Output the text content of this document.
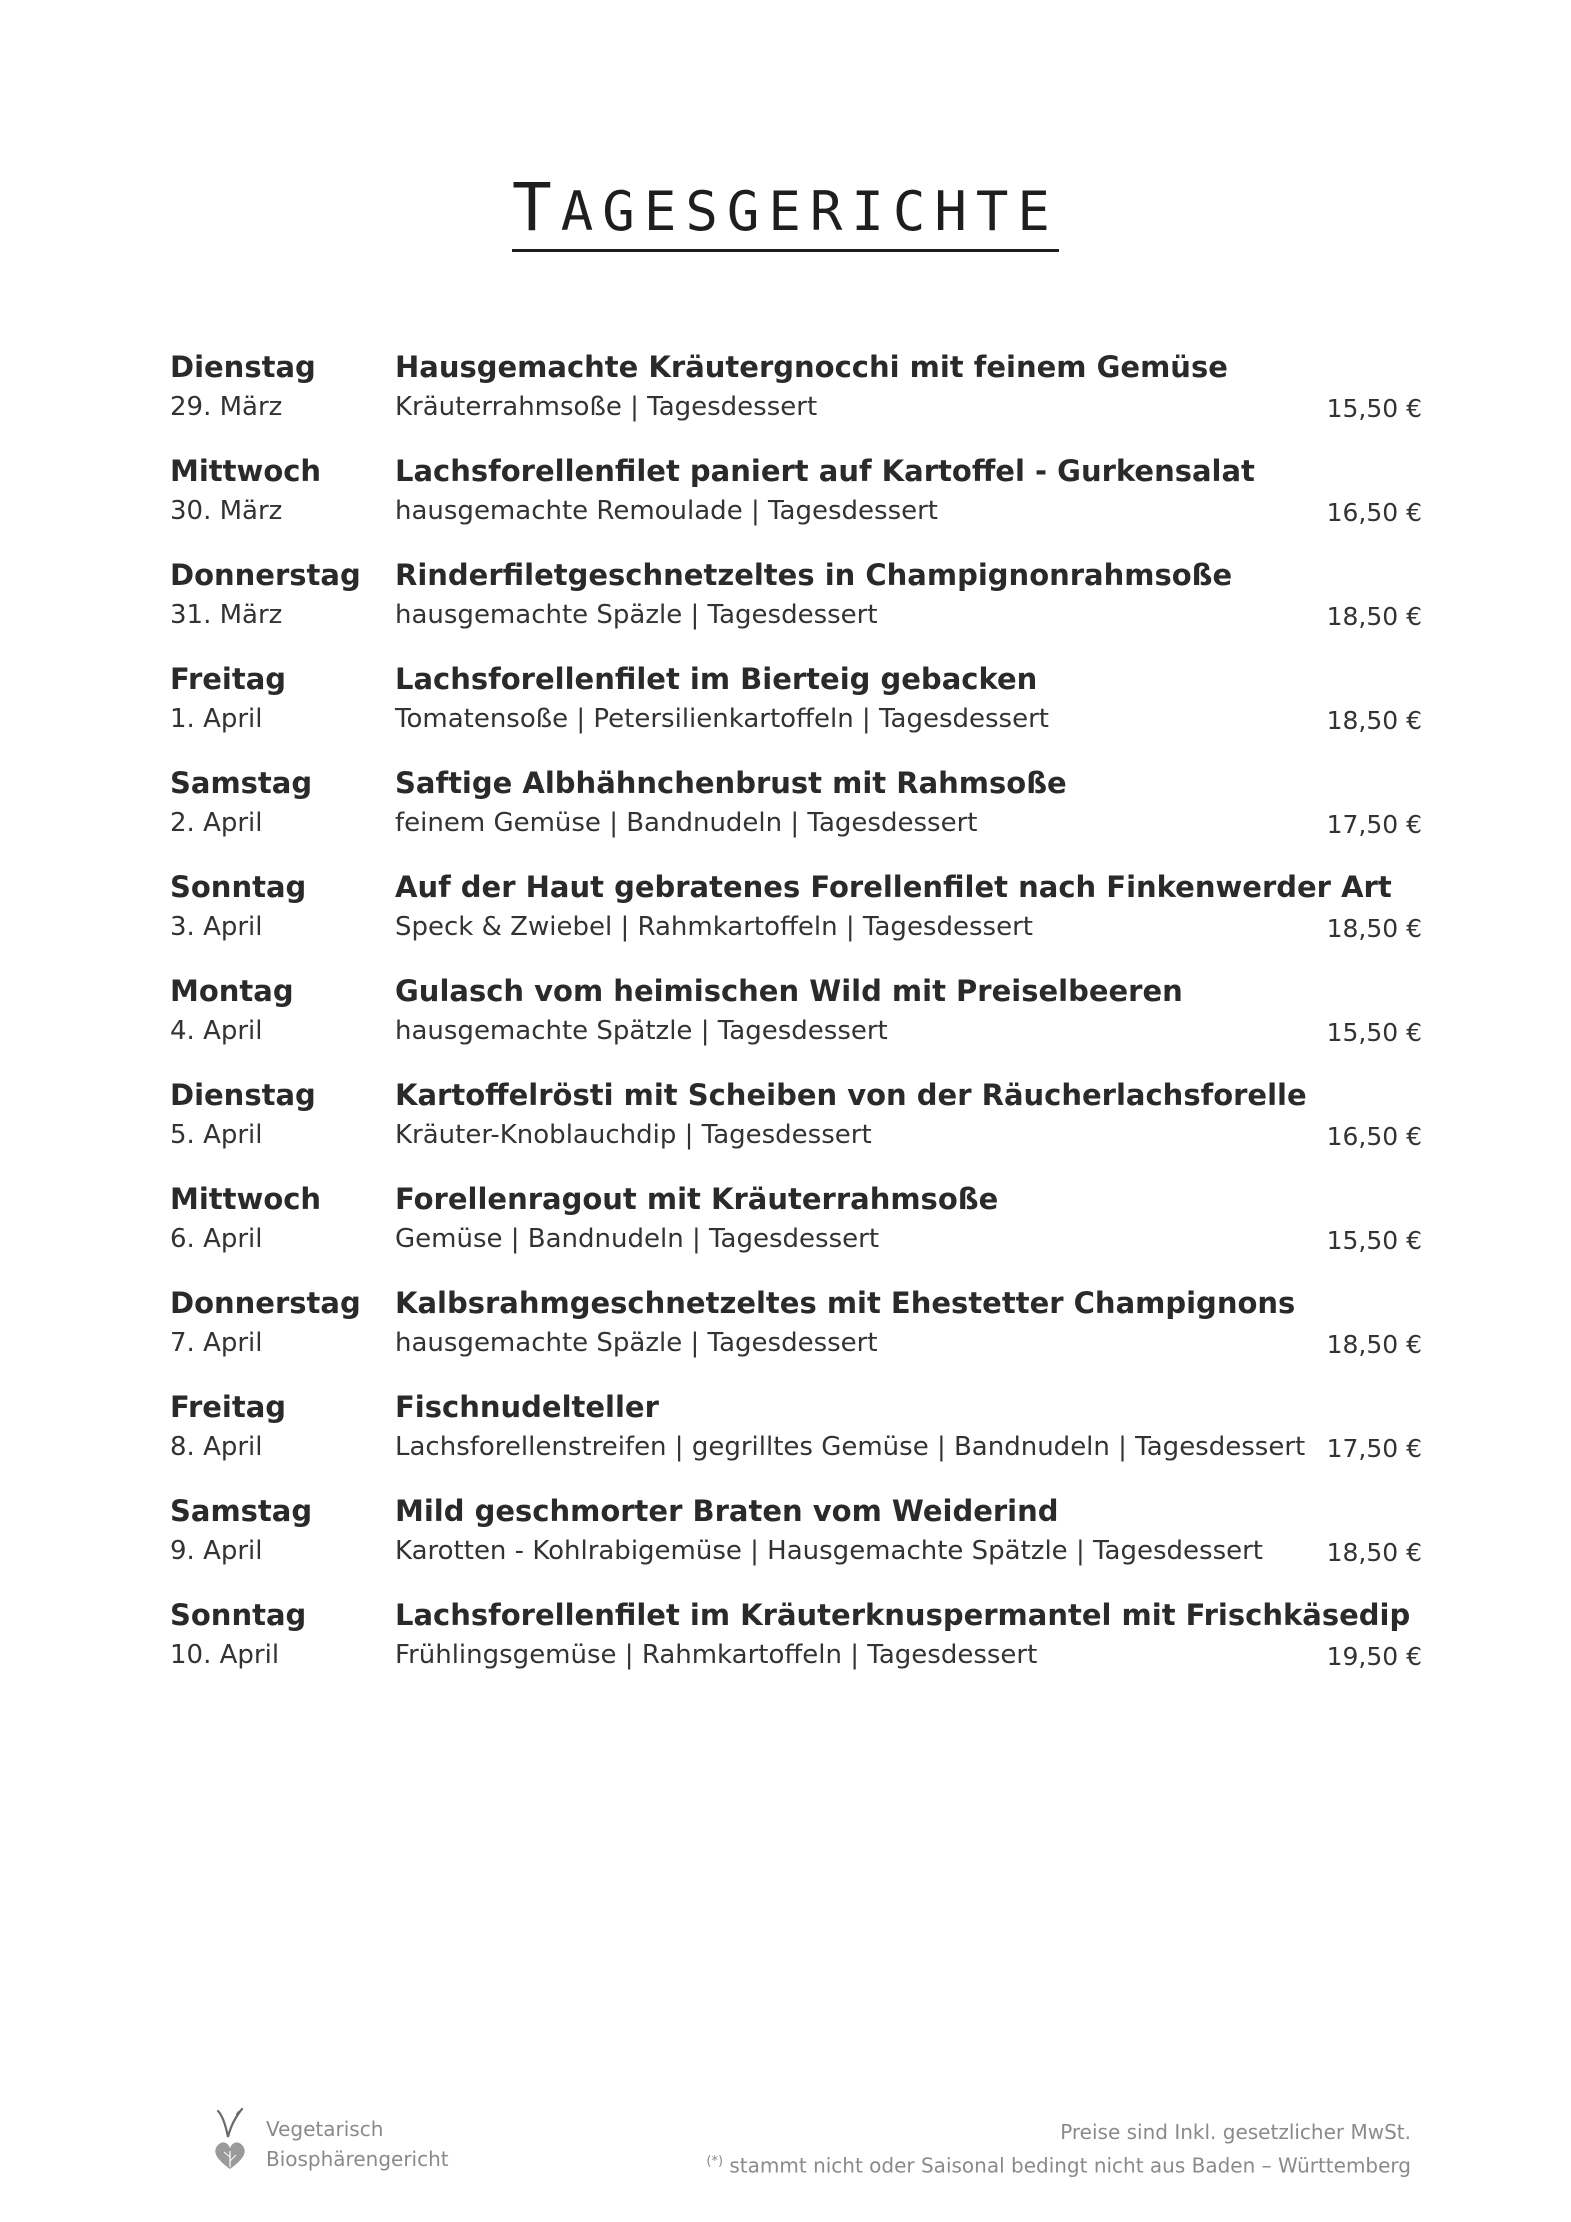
TAGESGERICHTE
Dienstag	Hausgemachte Kräutergnocchi mit feinem Gemüse
29. März	Kräuterrahmsoße | Tagesdessert	15,50 €
Mittwoch	Lachsforellenfilet paniert auf Kartoffel - Gurkensalat
30. März	hausgemachte Remoulade | Tagesdessert	16,50 €
Donnerstag Rinderfiletgeschnetzeltes in Champignonrahmsoße
31. März	hausgemachte Späzle | Tagesdessert	18,50 €
Freitag	Lachsforellenfilet im Bierteig gebacken
1. April	Tomatensoße | Petersilienkartoffeln | Tagesdessert	18,50 €
Samstag	Saftige Albhähnchenbrust mit Rahmsoße
2. April	feinem Gemüse | Bandnudeln | Tagesdessert	17,50 €
Sonntag	Auf der Haut gebratenes Forellenfilet nach Finkenwerder Art
3. April	Speck & Zwiebel | Rahmkartoffeln | Tagesdessert	18,50 €
Montag	Gulasch vom heimischen Wild mit Preiselbeeren
4. April	hausgemachte Spätzle | Tagesdessert	15,50 €
Dienstag	Kartoffelrösti mit Scheiben von der Räucherlachsforelle
5. April	Kräuter-Knoblauchdip | Tagesdessert	16,50 €
Mittwoch	Forellenragout mit Kräuterrahmsoße
6. April	Gemüse | Bandnudeln | Tagesdessert	15,50 €
Donnerstag Kalbsrahmgeschnetzeltes mit Ehestetter Champignons
7. April	hausgemachte Späzle | Tagesdessert	18,50 €
Freitag	Fischnudelteller
8. April	Lachsforellenstreifen | gegrilltes Gemüse | Bandnudeln | Tagesdessert 17,50 €
Samstag	Mild geschmorter Braten vom Weiderind
9. April	Karotten - Kohlrabigemüse | Hausgemachte Spätzle | Tagesdessert	18,50 €
Sonntag	Lachsforellenfilet im Kräuterknuspermantel mit Frischkäsedip
10. April	Frühlingsgemüse | Rahmkartoffeln | Tagesdessert	19,50 €
Vegetarisch
Biosphärengericht
Preise sind Inkl. gesetzlicher MwSt.
(*) stammt nicht oder Saisonal bedingt nicht aus Baden – Württemberg
